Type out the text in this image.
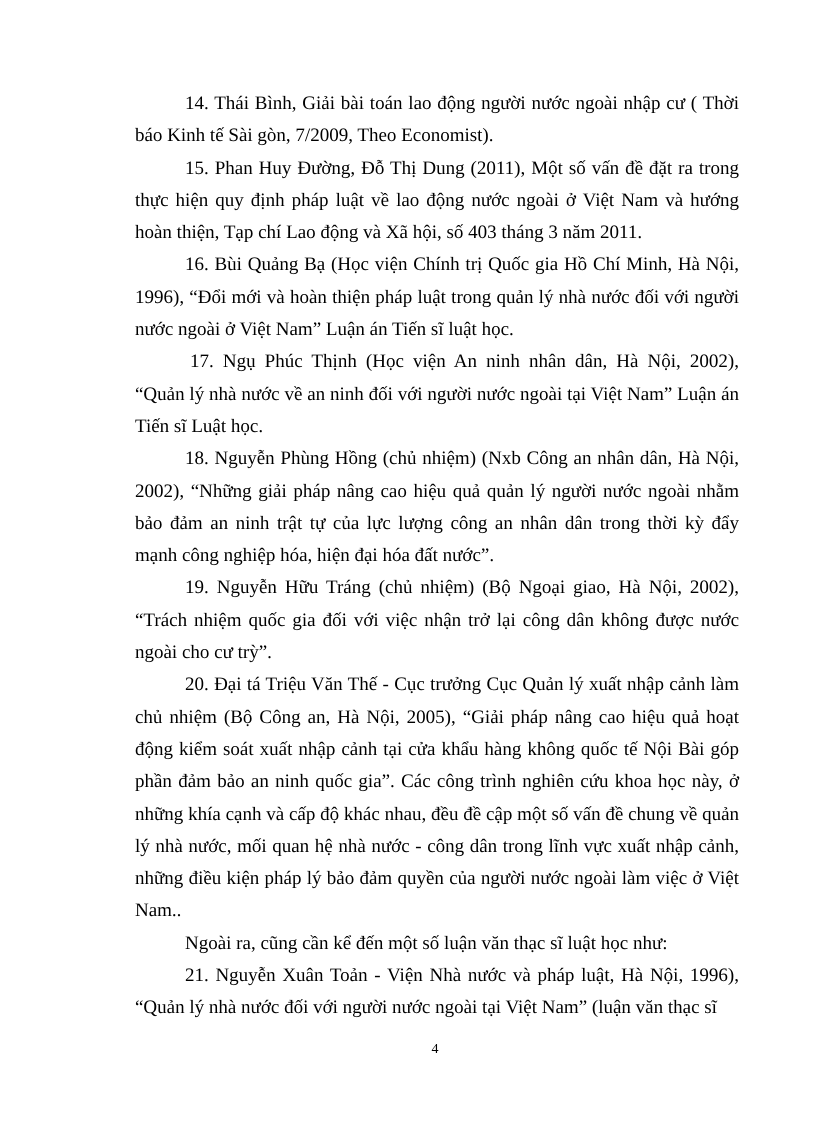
14. Thái Bình, Giải bài toán lao động người nước ngoài nhập cư ( Thời báo Kinh tế Sài gòn, 7/2009, Theo Economist).

15. Phan Huy Đường, Đỗ Thị Dung (2011), Một số vấn đề đặt ra trong thực hiện quy định pháp luật về lao động nước ngoài ở Việt Nam và hướng hoàn thiện, Tạp chí Lao động và Xã hội, số 403 tháng 3 năm 2011.

16. Bùi Quảng Bạ (Học viện Chính trị Quốc gia Hồ Chí Minh, Hà Nội, 1996), “Đổi mới và hoàn thiện pháp luật trong quản lý nhà nước đối với người nước ngoài ở Việt Nam” Luận án Tiến sĩ luật học.

17. Ngụ Phúc Thịnh (Học viện An ninh nhân dân, Hà Nội, 2002), “Quản lý nhà nước về an ninh đối với người nước ngoài tại Việt Nam” Luận án Tiến sĩ Luật học.

18. Nguyễn Phùng Hồng (chủ nhiệm) (Nxb Công an nhân dân, Hà Nội, 2002), “Những giải pháp nâng cao hiệu quả quản lý người nước ngoài nhằm bảo đảm an ninh trật tự của lực lượng công an nhân dân trong thời kỳ đẩy mạnh công nghiệp hóa, hiện đại hóa đất nước”.

19. Nguyễn Hữu Tráng (chủ nhiệm) (Bộ Ngoại giao, Hà Nội, 2002), “Trách nhiệm quốc gia đối với việc nhận trở lại công dân không được nước ngoài cho cư trỳ”.

20. Đại tá Triệu Văn Thế - Cục trưởng Cục Quản lý xuất nhập cảnh làm chủ nhiệm (Bộ Công an, Hà Nội, 2005), “Giải pháp nâng cao hiệu quả hoạt động kiểm soát xuất nhập cảnh tại cửa khẩu hàng không quốc tế Nội Bài góp phần đảm bảo an ninh quốc gia”. Các công trình nghiên cứu khoa học này, ở những khía cạnh và cấp độ khác nhau, đều đề cập một số vấn đề chung về quản lý nhà nước, mối quan hệ nhà nước - công dân trong lĩnh vực xuất nhập cảnh, những điều kiện pháp lý bảo đảm quyền của người nước ngoài làm việc ở Việt Nam..

Ngoài ra, cũng cần kể đến một số luận văn thạc sĩ luật học như:

21. Nguyễn Xuân Toản - Viện Nhà nước và pháp luật, Hà Nội, 1996), “Quản lý nhà nước đối với người nước ngoài tại Việt Nam” (luận văn thạc sĩ

4
